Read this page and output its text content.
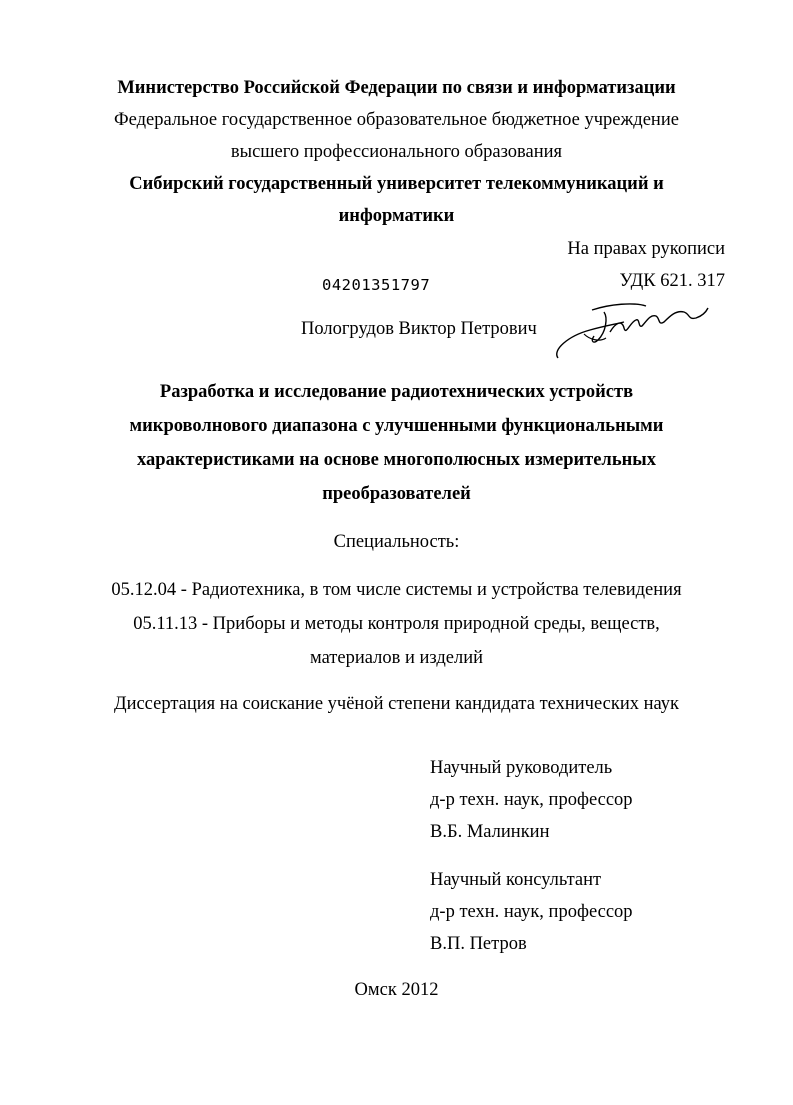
Министерство Российской Федерации по связи и информатизации
Федеральное государственное образовательное бюджетное учреждение
высшего профессионального образования
Сибирский государственный университет телекоммуникаций и
информатики
На правах рукописи
04201351797	УДК 621. 317
Пологрудов Виктор Петрович
Разработка и исследование радиотехнических устройств
микроволнового диапазона с улучшенными функциональными
характеристиками на основе многополюсных измерительных
преобразователей
Специальность:
05.12.04 - Радиотехника, в том числе системы и устройства телевидения
05.11.13 - Приборы и методы контроля природной среды, веществ,
материалов и изделий
Диссертация на соискание учёной степени кандидата технических наук
Научный руководитель
д-р техн. наук, профессор
В.Б. Малинкин
Научный консультант
д-р техн. наук, профессор
В.П. Петров
Омск 2012
